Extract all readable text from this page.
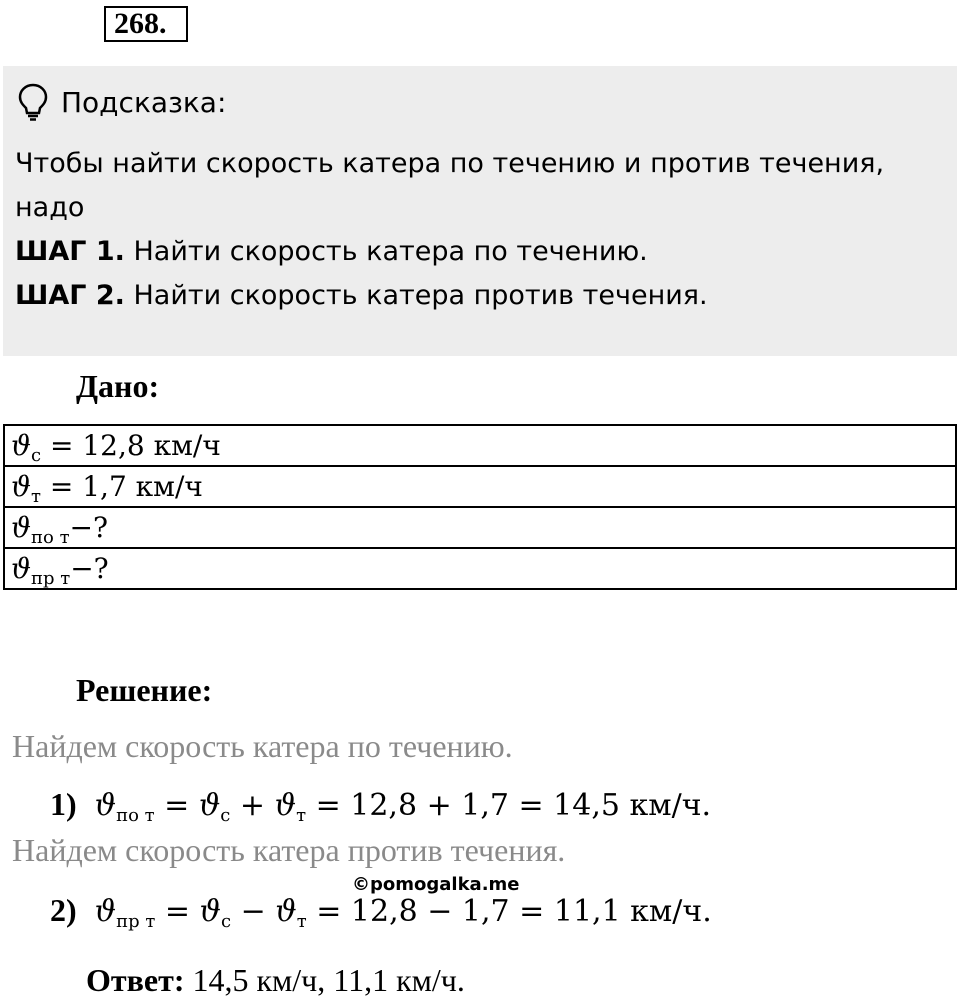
268.
Подсказка:
Чтобы найти скорость катера по течению и против течения,
надо
ШАГ 1. Найти скорость катера по течению.
ШАГ 2. Найти скорость катера против течения.
Дано:
$ϑ_с = 12,8$ км/ч
$ϑ_т = 1,7$ км/ч
$ϑ_{по т}-$?
$ϑ_{пр т}-$?
Решение:
Найдем скорость катера по течению.
1) $ϑ_{по т} = ϑ_с + ϑ_т = 12,8 + 1,7 = 14,5$ км/ч.
Найдем скорость катера против течения.
©pomogalka.me
2) $ϑ_{пр т} = ϑ_с - ϑ_т = 12,8 - 1,7 = 11,1$ км/ч.
Ответ: 14,5 км/ч, 11,1 км/ч.
